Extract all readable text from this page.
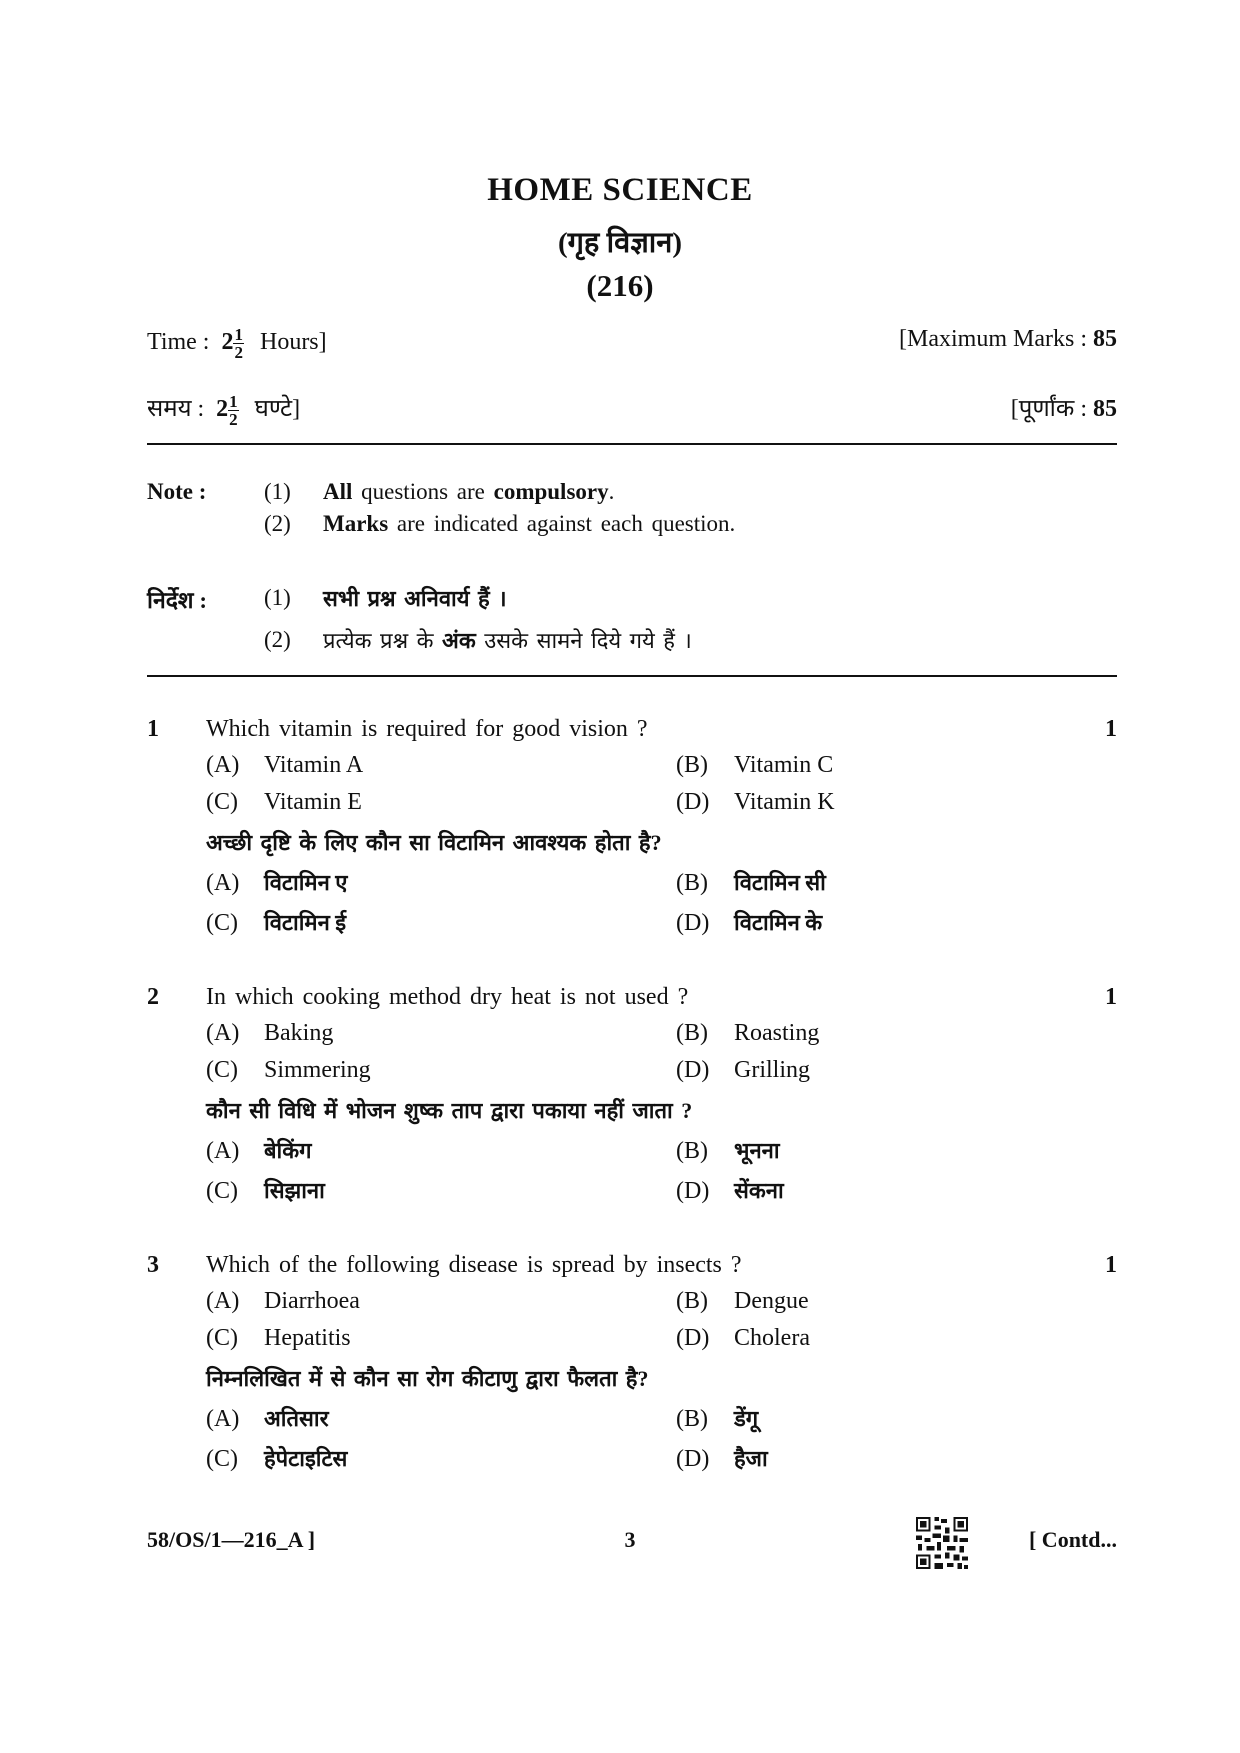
HOME SCIENCE
(गृह विज्ञान)
(216)
Time : $2 \frac{1}{2}$ Hours]	[Maximum Marks : 85
समय : $2 \frac{1}{2}$ घण्टे]	[पूर्णांक : 85
Note :	(1) All questions are compulsory.
(2) Marks are indicated against each question.
निर्देश : (1) सभी प्रश्न अनिवार्य हैं ।
(2) प्रत्येक प्रश्न के अंक उसके सामने दिये गये हैं ।
1 Which vitamin is required for good vision ?	1
(A) Vitamin A	(B) Vitamin C
(C) Vitamin E	(D) Vitamin K
अच्छी दृष्टि के लिए कौन सा विटामिन आवश्यक होता है?
(A) विटामिन ए	(B) विटामिन सी
(C) विटामिन ई	(D) विटामिन के
2 In which cooking method dry heat is not used ?	1
(A) Baking	(B) Roasting
(C) Simmering	(D) Grilling
कौन सी विधि में भोजन शुष्क ताप द्वारा पकाया नहीं जाता ?
(A) बेकिंग	(B) भूनना
(C) सिझाना	(D) सेंकना
3 Which of the following disease is spread by insects ?	1
(A) Diarrhoea	(B) Dengue
(C) Hepatitis	(D) Cholera
निम्नलिखित में से कौन सा रोग कीटाणु द्वारा फैलता है?
(A) अतिसार	(B) डेंगू
(C) हेपेटाइटिस	(D) हैजा
58/OS/1—216_A ]	3	[ Contd...
